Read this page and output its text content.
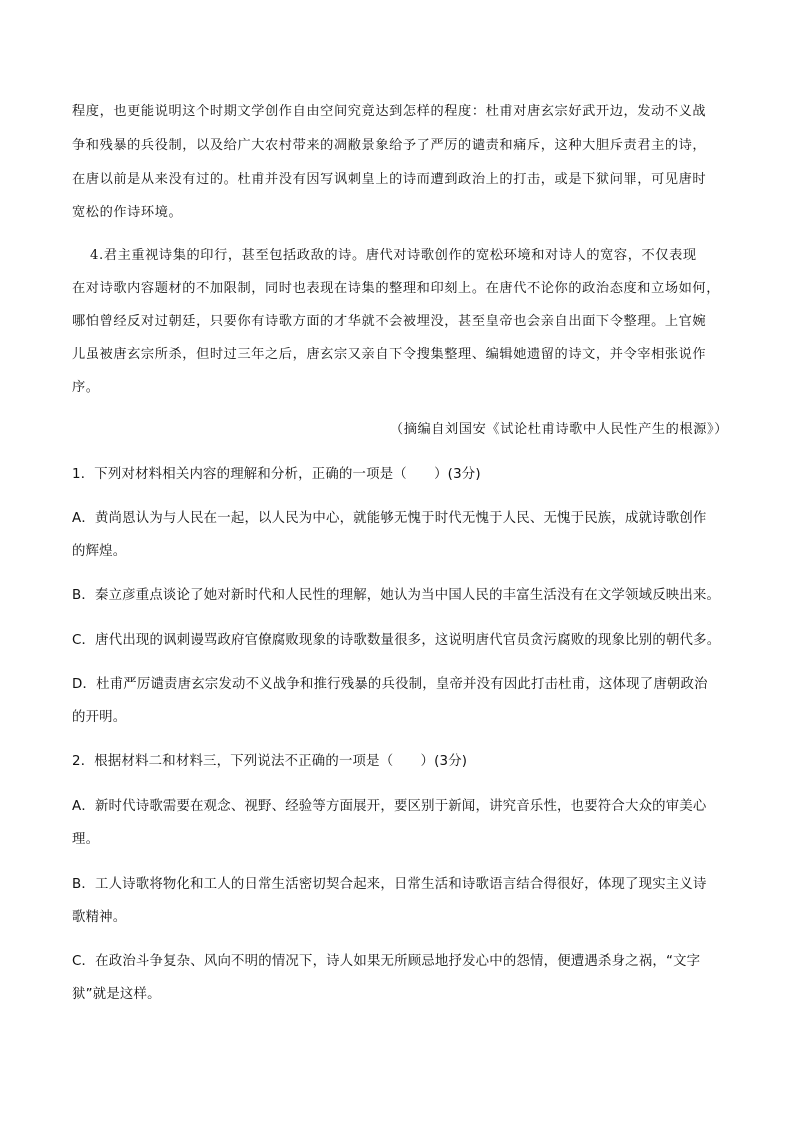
程度，也更能说明这个时期文学创作自由空间究竟达到怎样的程度：杜甫对唐玄宗好武开边，发动不义战
争和残暴的兵役制，以及给广大农村带来的凋敝景象给予了严厉的谴责和痛斥，这种大胆斥责君主的诗，
在唐以前是从来没有过的。杜甫并没有因写讽刺皇上的诗而遭到政治上的打击，或是下狱问罪，可见唐时
宽松的作诗环境。
4.君主重视诗集的印行，甚至包括政敌的诗。唐代对诗歌创作的宽松环境和对诗人的宽容，不仅表现
在对诗歌内容题材的不加限制，同时也表现在诗集的整理和印刻上。在唐代不论你的政治态度和立场如何，
哪怕曾经反对过朝廷，只要你有诗歌方面的才华就不会被埋没，甚至皇帝也会亲自出面下令整理。上官婉
儿虽被唐玄宗所杀，但时过三年之后，唐玄宗又亲自下令搜集整理、编辑她遗留的诗文，并令宰相张说作
序。
（摘编自刘国安《试论杜甫诗歌中人民性产生的根源》）
1．下列对材料相关内容的理解和分析，正确的一项是（　　）(3分)
A．黄尚恩认为与人民在一起，以人民为中心，就能够无愧于时代无愧于人民、无愧于民族，成就诗歌创作
的辉煌。
B．秦立彦重点谈论了她对新时代和人民性的理解，她认为当中国人民的丰富生活没有在文学领域反映出来。
C．唐代出现的讽刺谩骂政府官僚腐败现象的诗歌数量很多，这说明唐代官员贪污腐败的现象比别的朝代多。
D．杜甫严厉谴责唐玄宗发动不义战争和推行残暴的兵役制，皇帝并没有因此打击杜甫，这体现了唐朝政治
的开明。
2．根据材料二和材料三，下列说法不正确的一项是（　　）(3分)
A．新时代诗歌需要在观念、视野、经验等方面展开，要区别于新闻，讲究音乐性，也要符合大众的审美心
理。
B．工人诗歌将物化和工人的日常生活密切契合起来，日常生活和诗歌语言结合得很好，体现了现实主义诗
歌精神。
C．在政治斗争复杂、风向不明的情况下，诗人如果无所顾忌地抒发心中的怨情，便遭遇杀身之祸，“文字
狱”就是这样。
